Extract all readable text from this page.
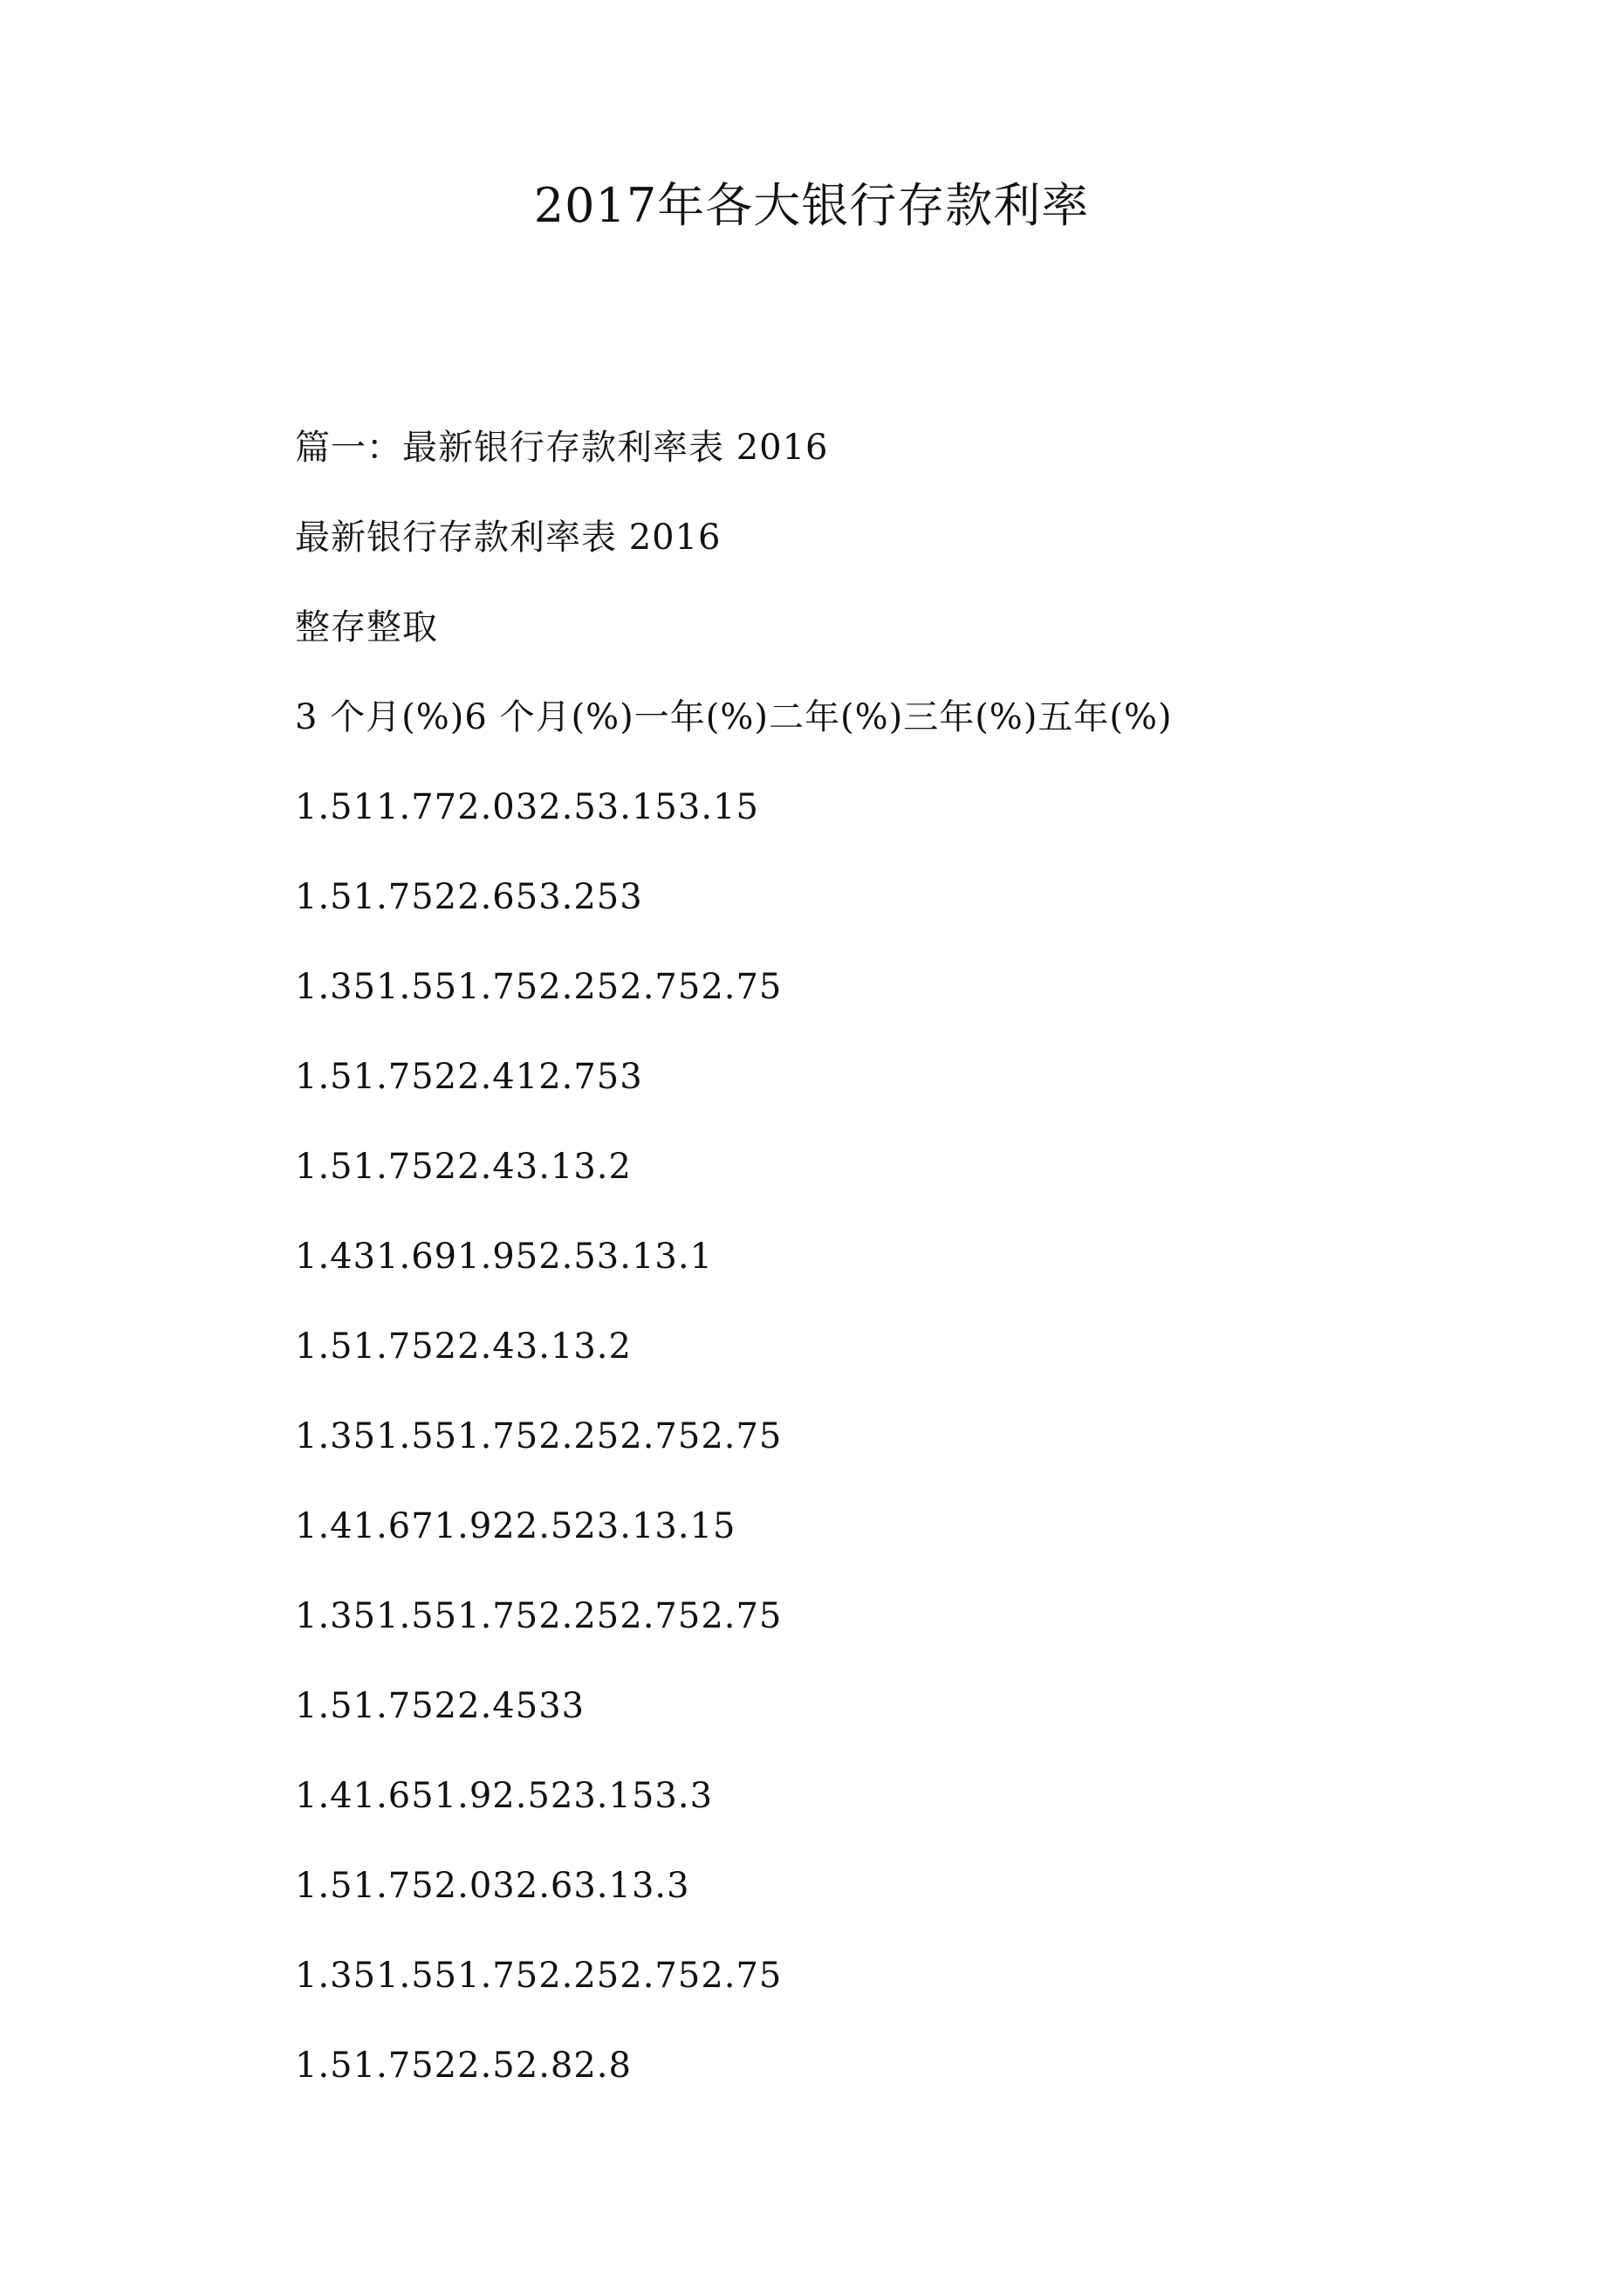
2017年各大银行存款利率
篇一：最新银行存款利率表 2016
最新银行存款利率表 2016
整存整取
3 个月(%)6 个月(%)一年(%)二年(%)三年(%)五年(%)
1.511.772.032.53.153.15
1.51.7522.653.253
1.351.551.752.252.752.75
1.51.7522.412.753
1.51.7522.43.13.2
1.431.691.952.53.13.1
1.51.7522.43.13.2
1.351.551.752.252.752.75
1.41.671.922.523.13.15
1.351.551.752.252.752.75
1.51.7522.4533
1.41.651.92.523.153.3
1.51.752.032.63.13.3
1.351.551.752.252.752.75
1.51.7522.52.82.8
